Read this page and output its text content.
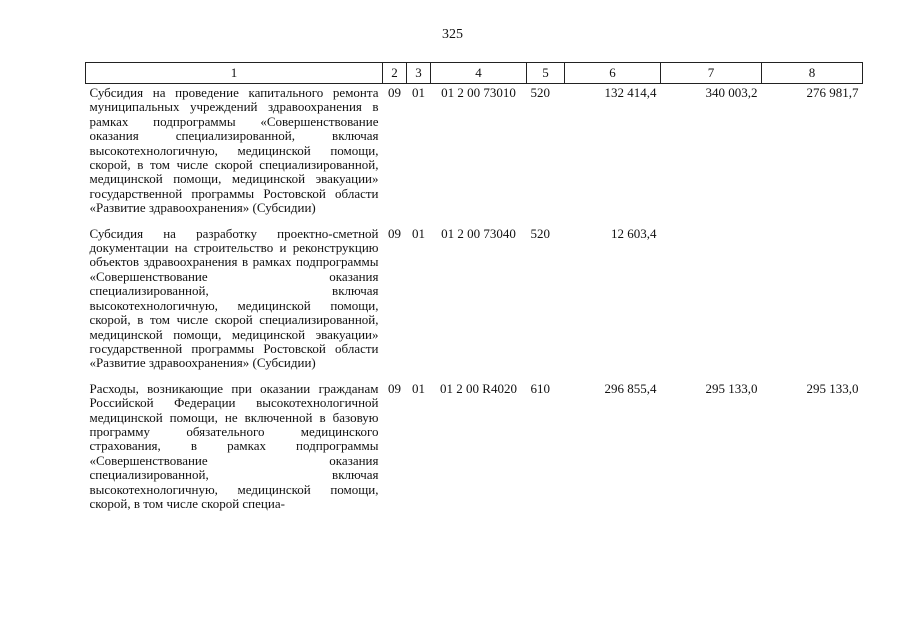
325
1	2	3	4	5	6	7	8
Субсидия на проведение капитального ремонта муниципальных учреждений здравоохранения в рамках подпрограммы «Совершенствование оказания специализированной, включая высокотехнологичную, медицинской помощи, скорой, в том числе скорой специализированной, медицинской помощи, медицинской эвакуации» государственной программы Ростовской области «Развитие здравоохранения» (Субсидии)	09	01	01 2 00 73010	520	132 414,4	340 003,2	276 981,7
Субсидия на разработку проектно-сметной документации на строительство и реконструкцию объектов здравоохранения в рамках подпрограммы «Совершенствование оказания специализированной, включая высокотехнологичную, медицинской помощи, скорой, в том числе скорой специализированной, медицинской помощи, медицинской эвакуации» государственной программы Ростовской области «Развитие здравоохранения» (Субсидии)	09	01	01 2 00 73040	520	12 603,4		
Расходы, возникающие при оказании гражданам Российской Федерации высокотехнологичной медицинской помощи, не включенной в базовую программу обязательного медицинского страхования, в рамках подпрограммы «Совершенствование оказания специализированной, включая высокотехнологичную, медицинской помощи, скорой, в том числе скорой специа-	09	01	01 2 00 R4020	610	296 855,4	295 133,0	295 133,0
